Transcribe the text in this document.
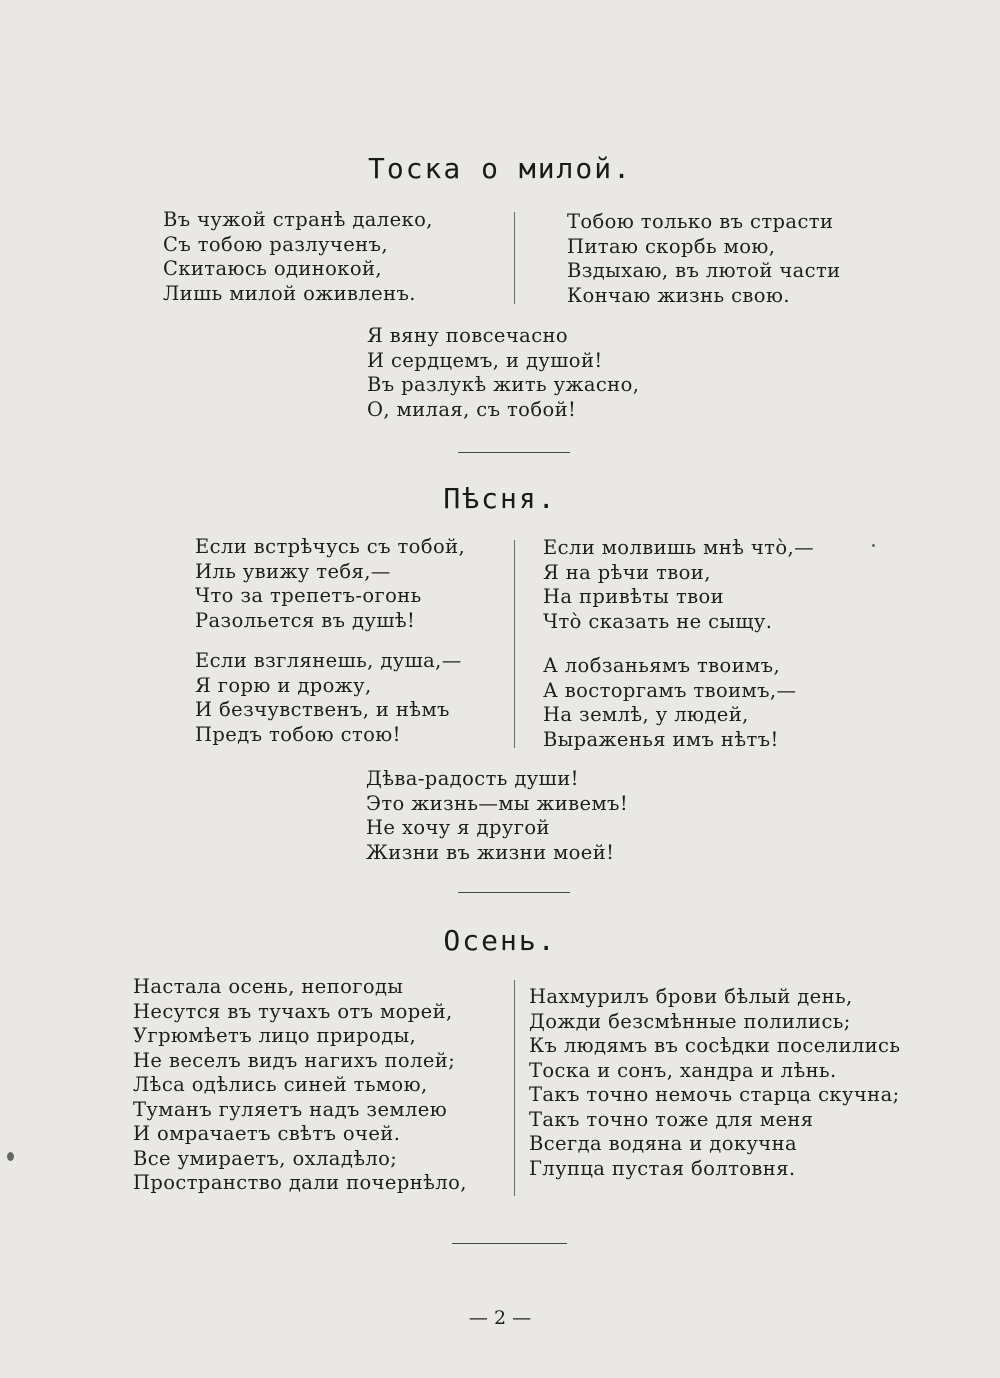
Тоска о милой.
Въ чужой странѣ далеко,
Съ тобою разлученъ,
Скитаюсь одинокой,
Лишь милой оживленъ.
Тобою только въ страсти
Питаю скорбь мою,
Вздыхаю, въ лютой части
Кончаю жизнь свою.
Я вяну повсечасно
И сердцемъ, и душой!
Въ разлукѣ жить ужасно,
О, милая, съ тобой!
Пѣсня.
Если встрѣчусь съ тобой,
Иль увижу тебя,—
Что за трепетъ-огонь
Разольется въ душѣ!
Если взглянешь, душа,—
Я горю и дрожу,
И безчувственъ, и нѣмъ
Предъ тобою стою!
Если молвишь мнѣ что̀,—
Я на рѣчи твои,
На привѣты твои
Что̀ сказать не сыщу.
А лобзаньямъ твоимъ,
А восторгамъ твоимъ,—
На землѣ, у людей,
Выраженья имъ нѣтъ!
Дѣва-радость души!
Это жизнь—мы живемъ!
Не хочу я другой
Жизни въ жизни моей!
Осень.
Настала осень, непогоды
Несутся въ тучахъ отъ морей,
Угрюмѣетъ лицо природы,
Не веселъ видъ нагихъ полей;
Лѣса одѣлись синей тьмою,
Туманъ гуляетъ надъ землею
И омрачаетъ свѣтъ очей.
Все умираетъ, охладѣло;
Пространство дали почернѣло,
Нахмурилъ брови бѣлый день,
Дожди безсмѣнные полились;
Къ людямъ въ сосѣдки поселились
Тоска и сонъ, хандра и лѣнь.
Такъ точно немочь старца скучна;
Такъ точно тоже для меня
Всегда водяна и докучна
Глупца пустая болтовня.
— 2 —
